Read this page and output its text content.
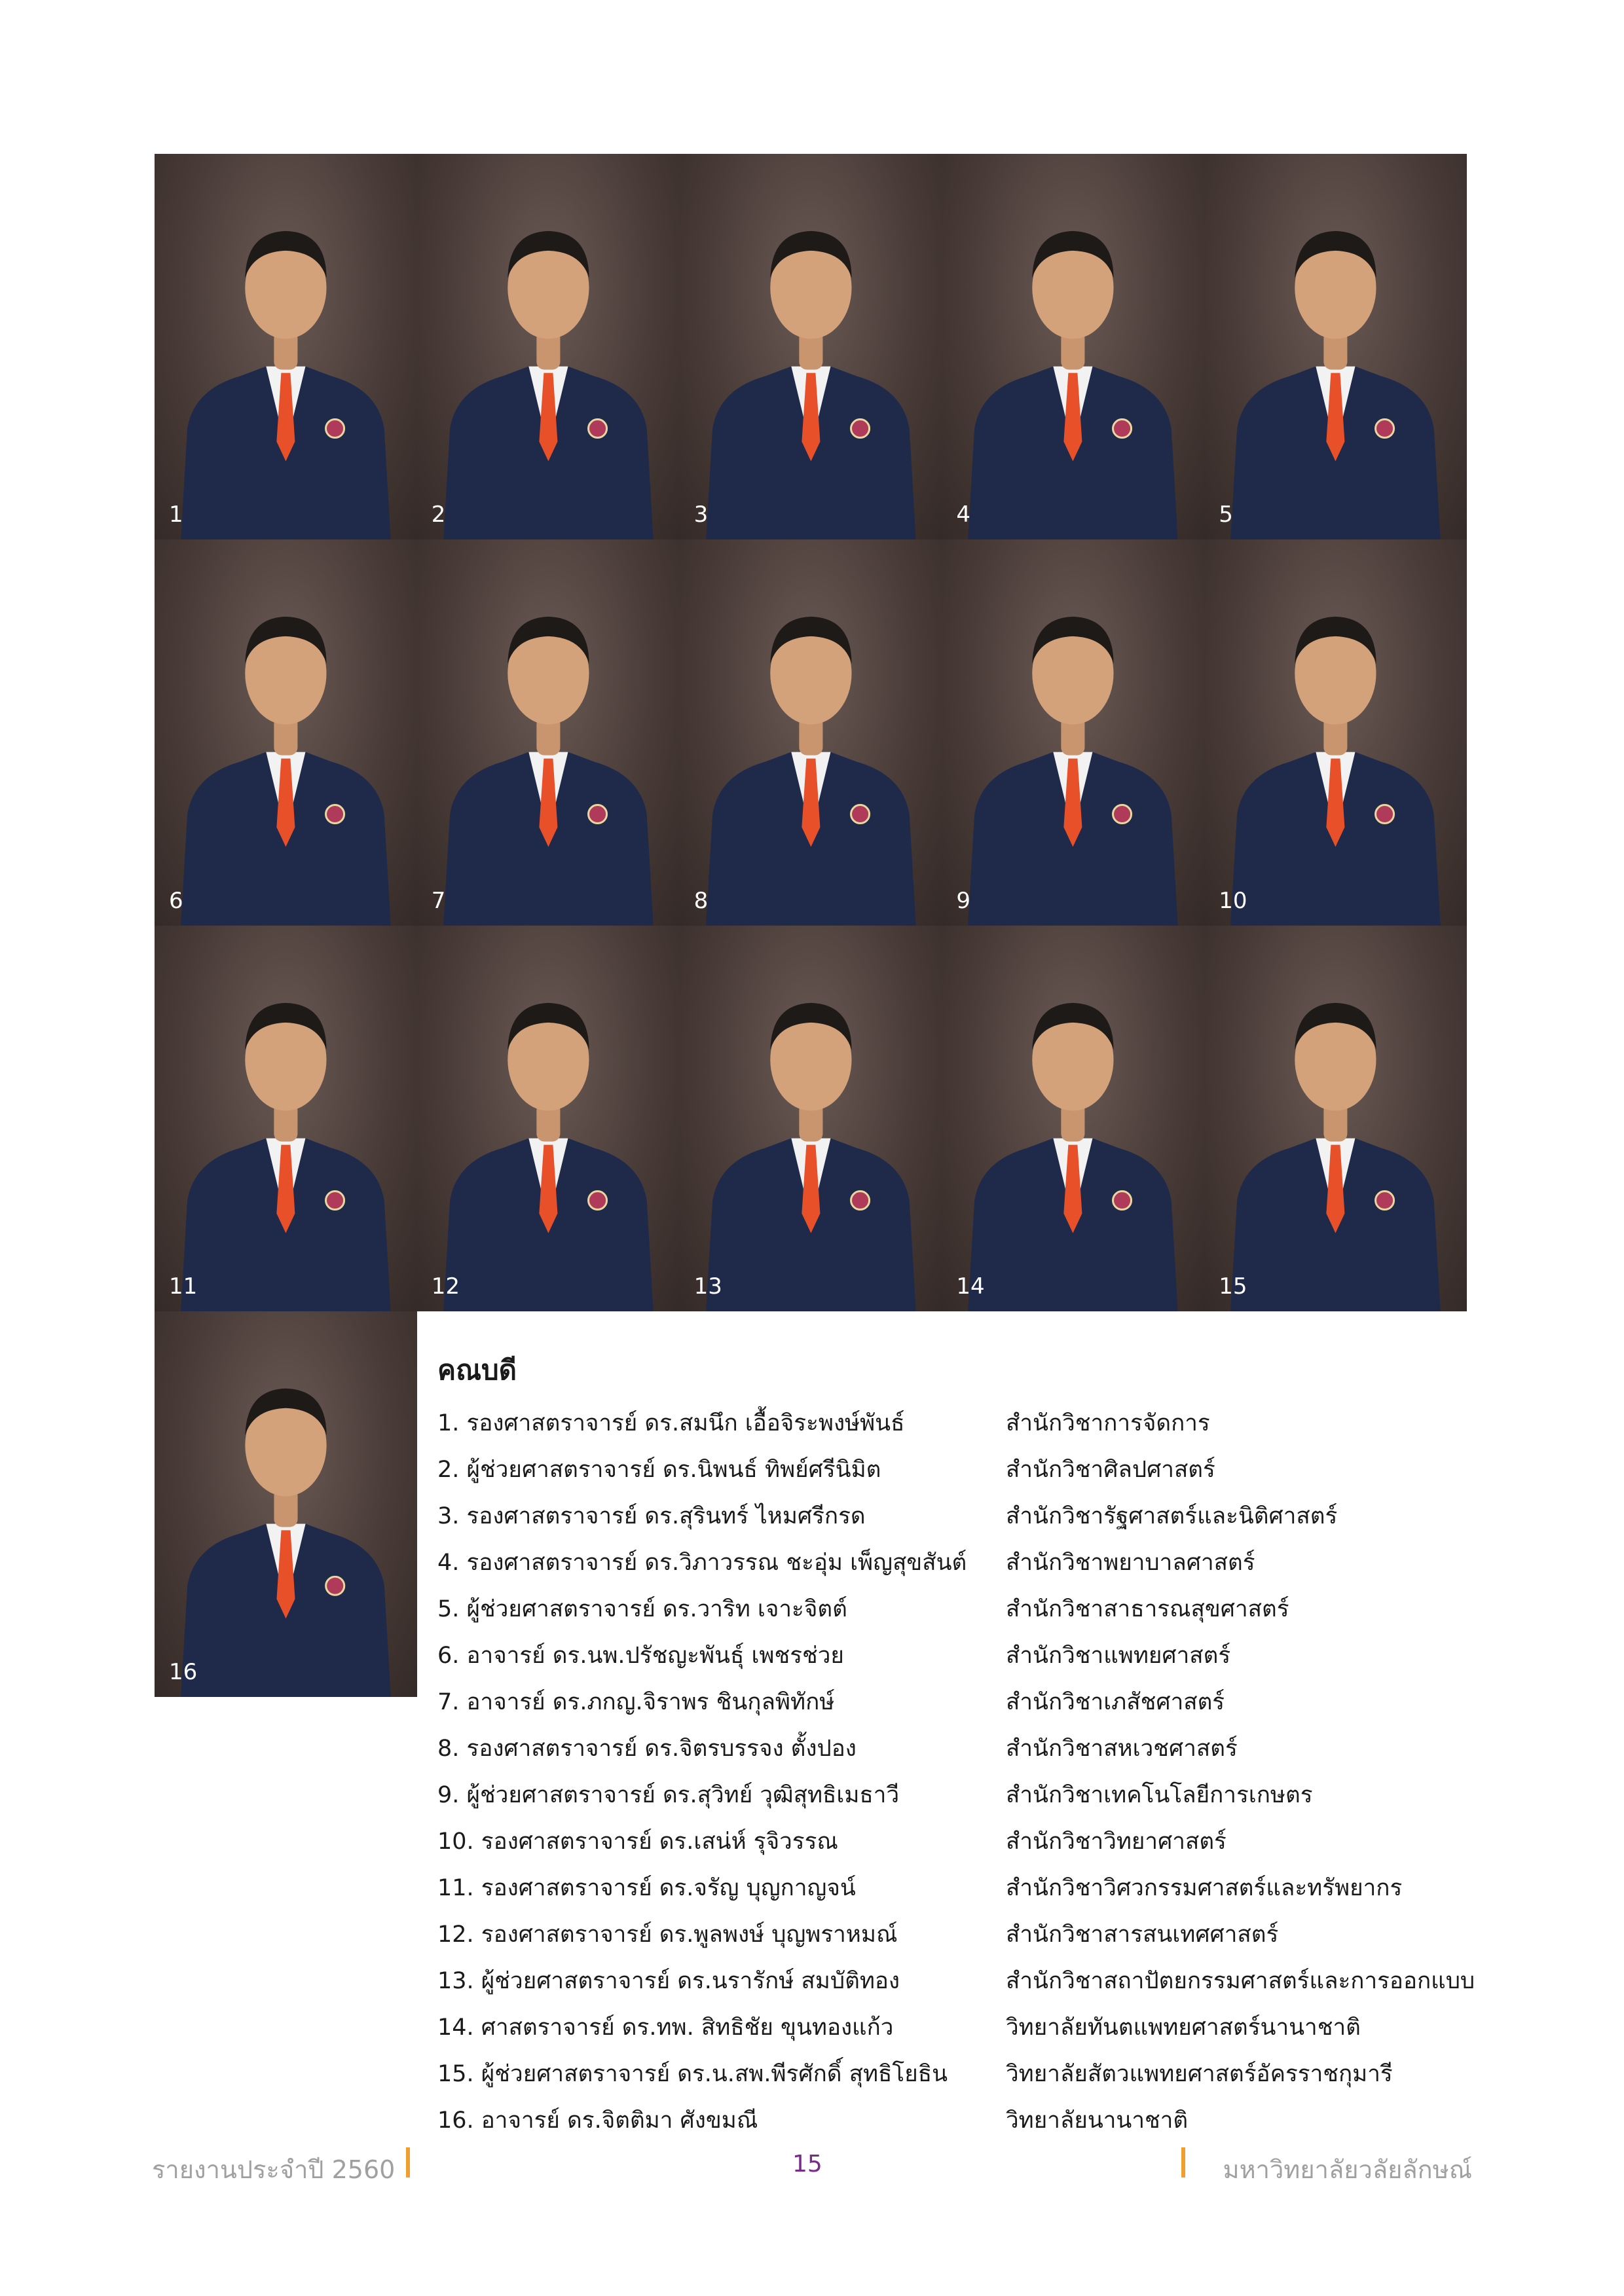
1	2	3	4	5
6	7	8	9	10
11	12	13	14	15
คณบดี
1. รองศาสตราจารย์ ดร.สมนึก เอื้อจิระพงษ์พันธ์	สำนักวิชาการจัดการ
2. ผู้ช่วยศาสตราจารย์ ดร.นิพนธ์ ทิพย์ศรีนิมิต	สำนักวิชาศิลปศาสตร์
3. รองศาสตราจารย์ ดร.สุรินทร์ ไหมศรีกรด	สำนักวิชารัฐศาสตร์และนิติศาสตร์
4. รองศาสตราจารย์ ดร.วิภาวรรณ ชะอุ่ม เพ็ญสุขสันต์	สำนักวิชาพยาบาลศาสตร์
5. ผู้ช่วยศาสตราจารย์ ดร.วาริท เจาะจิตต์	สำนักวิชาสาธารณสุขศาสตร์
6. อาจารย์ ดร.นพ.ปรัชญะพันธุ์ เพชรช่วย	สำนักวิชาแพทยศาสตร์
7. อาจารย์ ดร.ภกญ.จิราพร ชินกุลพิทักษ์	สำนักวิชาเภสัชศาสตร์
8. รองศาสตราจารย์ ดร.จิตรบรรจง ตั้งปอง	สำนักวิชาสหเวชศาสตร์
9. ผู้ช่วยศาสตราจารย์ ดร.สุวิทย์ วุฒิสุทธิเมธาวี	สำนักวิชาเทคโนโลยีการเกษตร
10. รองศาสตราจารย์ ดร.เสน่ห์ รุจิวรรณ	สำนักวิชาวิทยาศาสตร์
11. รองศาสตราจารย์ ดร.จรัญ บุญกาญจน์	สำนักวิชาวิศวกรรมศาสตร์และทรัพยากร
12. รองศาสตราจารย์ ดร.พูลพงษ์ บุญพราหมณ์	สำนักวิชาสารสนเทศศาสตร์
13. ผู้ช่วยศาสตราจารย์ ดร.นรารักษ์ สมบัติทอง	สำนักวิชาสถาปัตยกรรมศาสตร์และการออกแบบ
14. ศาสตราจารย์ ดร.ทพ. สิทธิชัย ขุนทองแก้ว	วิทยาลัยทันตแพทยศาสตร์นานาชาติ
15. ผู้ช่วยศาสตราจารย์ ดร.น.สพ.พีรศักดิ์ สุทธิโยธิน	วิทยาลัยสัตวแพทยศาสตร์อัครราชกุมารี
16. อาจารย์ ดร.จิตติมา ศังขมณี	วิทยาลัยนานาชาติ
รายงานประจำปี 2560	15	มหาวิทยาลัยวลัยลักษณ์
16
